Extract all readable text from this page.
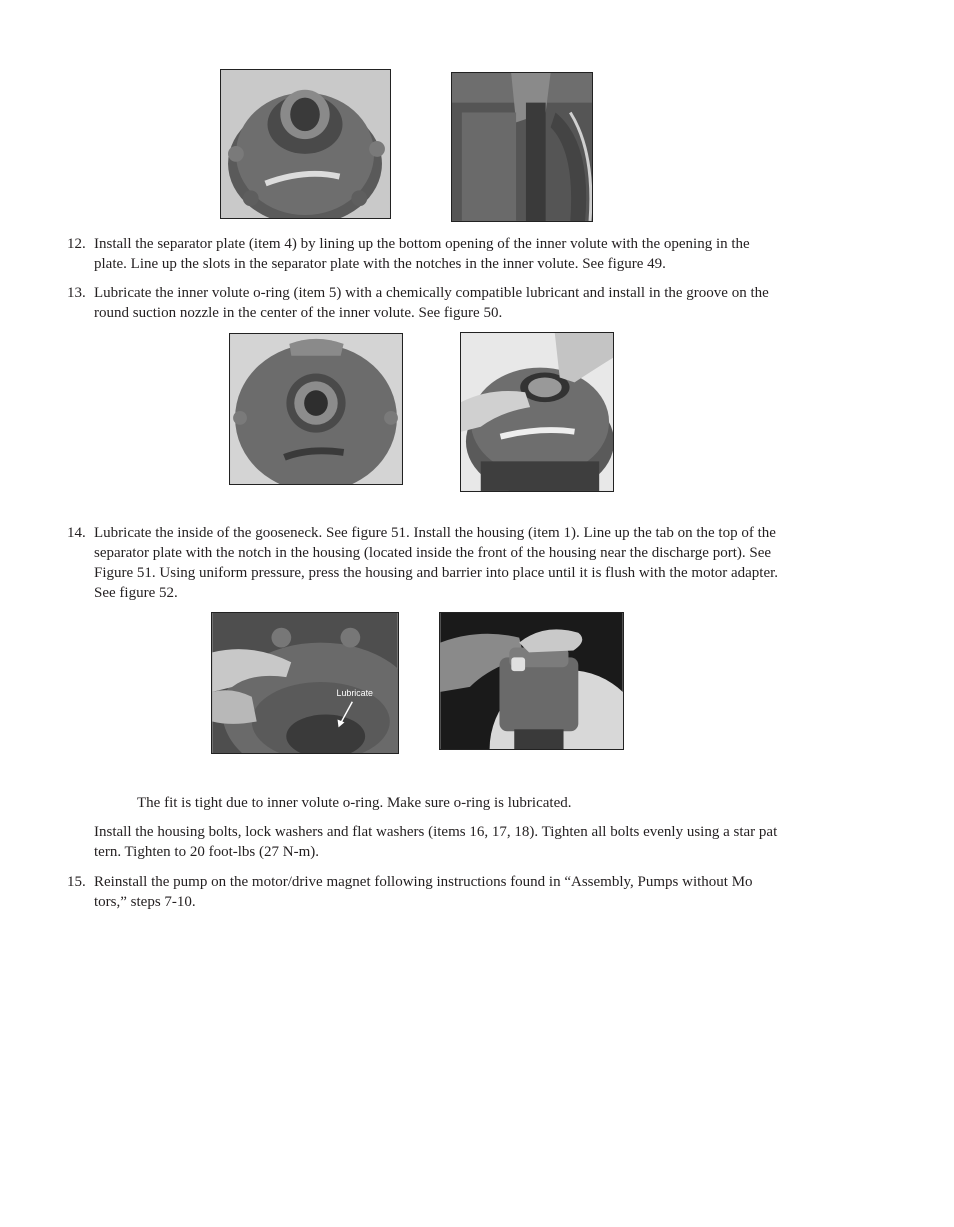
12. Install the separator plate (item 4) by lining up the bottom opening of the inner volute with the opening in the
plate. Line up the slots in the separator plate with the notches in the inner volute. See figure 49.
13. Lubricate the inner volute o-ring (item 5) with a chemically compatible lubricant and install in the groove on the
round suction nozzle in the center of the inner volute. See figure 50.
14. Lubricate the inside of the gooseneck. See figure 51. Install the housing (item 1). Line up the tab on the top of the
separator plate with the notch in the housing (located inside the front of the housing near the discharge port). See
Figure 51. Using uniform pressure, press the housing and barrier into place until it is flush with the motor adapter.
See figure 52.
Lubricate
The fit is tight due to inner volute o-ring. Make sure o-ring is lubricated.
Install the housing bolts, lock washers and flat washers (items 16, 17, 18). Tighten all bolts evenly using a star pat
tern. Tighten to 20 foot-lbs (27 N-m).
15. Reinstall the pump on the motor/drive magnet following instructions found in “Assembly, Pumps without Mo
tors,” steps 7-10.
